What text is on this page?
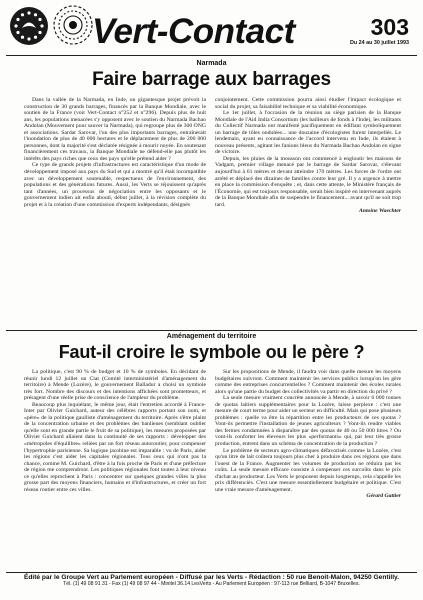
Vert-Contact	303
Du 24 au 30 juillet 1993
Narmada
Faire barrage aux barrages

Dans la vallée de la Narmada, en Inde, un gigantesque projet prévoit la construction de 30 grands barrages, financés par la Banque Mondiale, avec le soutien de la France (voir Vert-Contact n°252 et n°296). Depuis plus de huit ans, les populations menacées s'y opposent avec le soutien du Narmada Bachao Andolan (Mouvement pour sauver la Narmada), qui regroupe plus de 300 ONG et associations. Sardar Sarovar, l'un des plus importants barrages, entraînerait l'inondation de plus de 40 000 hectares et le déplacement de plus de 200 000 personnes, dont la majorité s'est déclarée résignée à mourir noyée. En soutenant financièrement ces travaux, la Banque Mondiale ne défend-elle pas plutôt les intérêts des pays riches que ceux des pays qu'elle prétend aider ?

Ce type de grands projets d'infrastructures est caractéristique d'un mode de développement imposé aux pays du Sud et qui a montré qu'il était incompatible avec un développement soutenable, respectueux de l'environnement, des populations et des générations futures. Aussi, les Verts se réjouissent qu'après tant d'années, un processus de négociation entre les opposants et le gouvernement indien ait enfin abouti, début juillet, à la révision complète du projet et à la création d'une commission d'experts indépendants, désignés

conjointement. Cette commission pourra ainsi étudier l'impact écologique et social du projet, sa faisabilité technique et sa viabilité économique.

Le 1er juillet, à l'occasion de la réunion au siège parisien de la Banque Mondiale de l'Aid India Consortium (les bailleurs de fonds à l'Inde), les militants du Collectif Narmada ont manifesté pacifiquement en édifiant symboliquement un barrage de tôles ondulées... une douzaine d'écologistes furent interpellés. Le lendemain, ayant eu connaissance de l'accord intervenu en Inde, ils étaient à nouveau présents, agitant les fanions bleus du Narmada Bachao Andolan en signe de victoire.

Depuis, les pluies de la mousson ont commencé à engloutir les maisons de Vadgam, premier village menacé par le barrage de Sardar Sarovar, s'élevant aujourd'hui à 61 mètres et devant atteindre 170 mètres. Les forces de l'ordre ont arrêté et déplacé des dizaines de familles contre leur gré. Il y a urgence à mettre en place la commission d'enquête ; et, dans cette attente, le Ministère français de l'Économie, qui est toujours responsable, serait bien inspiré en intervenant auprès de la Banque Mondiale afin de suspendre le financement... avant qu'il ne soit trop tard.

Antoine Waechter
Aménagement du territoire
Faut-il croire le symbole ou le père ?

La politique, c'est 90 % de budget et 10 % de symboles. En décidant de réunir lundi 12 juillet un Ciat (Comité interministériel d'aménagement du territoire) à Mende (Lozère), le gouvernement Balladur a choisi un symbole très fort. Nombre des discours et des intentions affichées sont prometteurs, et présagent d'une réelle prise de conscience de l'ampleur du problème.

Beaucoup plus inquiétant, le même jour, était l'entretien accordé à France-Inter par Olivier Guichard, auteur des célèbres rapports portant son nom, et «père» de la politique gaulliste d'aménagement du territoire. Après s'être plaint de la concentration urbaine et des problèmes des banlieues (semblant oublier qu'elle sont en grande partie le fruit de sa politique), les mesures proposées par Olivier Guichard allaient dans la continuité de ses rapports : développer des «métropoles d'équilibre» reliées par un fort réseau autoroutier, pour compenser l'hypertrophie parisienne. Sa logique jacobine est imparable : vu de Paris, aider les régions c'est aider les capitales régionales. Tous ceux qui n'ont pas la chance, comme M. Guichard, d'être à la fois proche de Paris et d'une préfecture de région me comprendront. Les politiques régionales font toutes à leur niveau ce qu'elles reprochent à Paris : concentrer sur quelques grandes villes la plus grosse part des moyens financiers, humains et d'infrastructures, et créer un fort réseau routier entre ces villes.

Sur les propositions de Mende, il faudra voir dans quelle mesure les moyens budgétaires suivront. Comment maintenir les services publics lorsqu'on les gère comme des entreprises concurrentielles ? Comment maintenir des écoles rurales alors qu'une partie du budget des collectivités va partir en direction du privé ?

La seule mesure vraiment concrète annoncée à Mende, à savoir 6 000 tonnes de quotas laitiers supplémentaires pour la Lozère, laisse perplexe : c'est une mesure de court terme pour aider un secteur en difficulté. Mais qui pose plusieurs problèmes : quelle va être la répartition entre les producteurs de ces quotas ? Vont-ils permettre l'installation de jeunes agriculteurs ? Vont-ils rendre viables des fermes condamnées à disparaître par des quotas de 40 ou 50 000 litres ? Ou vont-ils conforter les éleveurs les plus «performants» qui, par leur très grosse production, entrent dans un schéma de concentration de la production ?

Le problème de secteurs agro-climatiques défavorisés comme la Lozère, c'est qu'un litre de lait coûtera toujours plus cher à produire dans ces régions que dans l'ouest de la France. Augmenter les volumes de production ne réduira pas les coûts. La seule mesure efficace consiste à compenser ces surcoûts dans le prix d'achat au producteur. Les Verts le proposent depuis longtemps, cela s'appelle les prix différenciés. C'est une mesure essentiellement budgétaire et politique. C'est une vraie mesure d'aménagement.

Gérard Gattier
Édité par le Groupe Vert au Parlement européen - Diffusé par les Verts - Rédaction : 50 rue Benoit-Malon, 94250 Gentilly.
Tél. (1) 49 08 91 31 - Fax (1) 49 08 97 44 - Minitel 36.14 LesVerts - Au Parlement Européen : 97-113 rue Belliard, B-1047 Bruxelles.
